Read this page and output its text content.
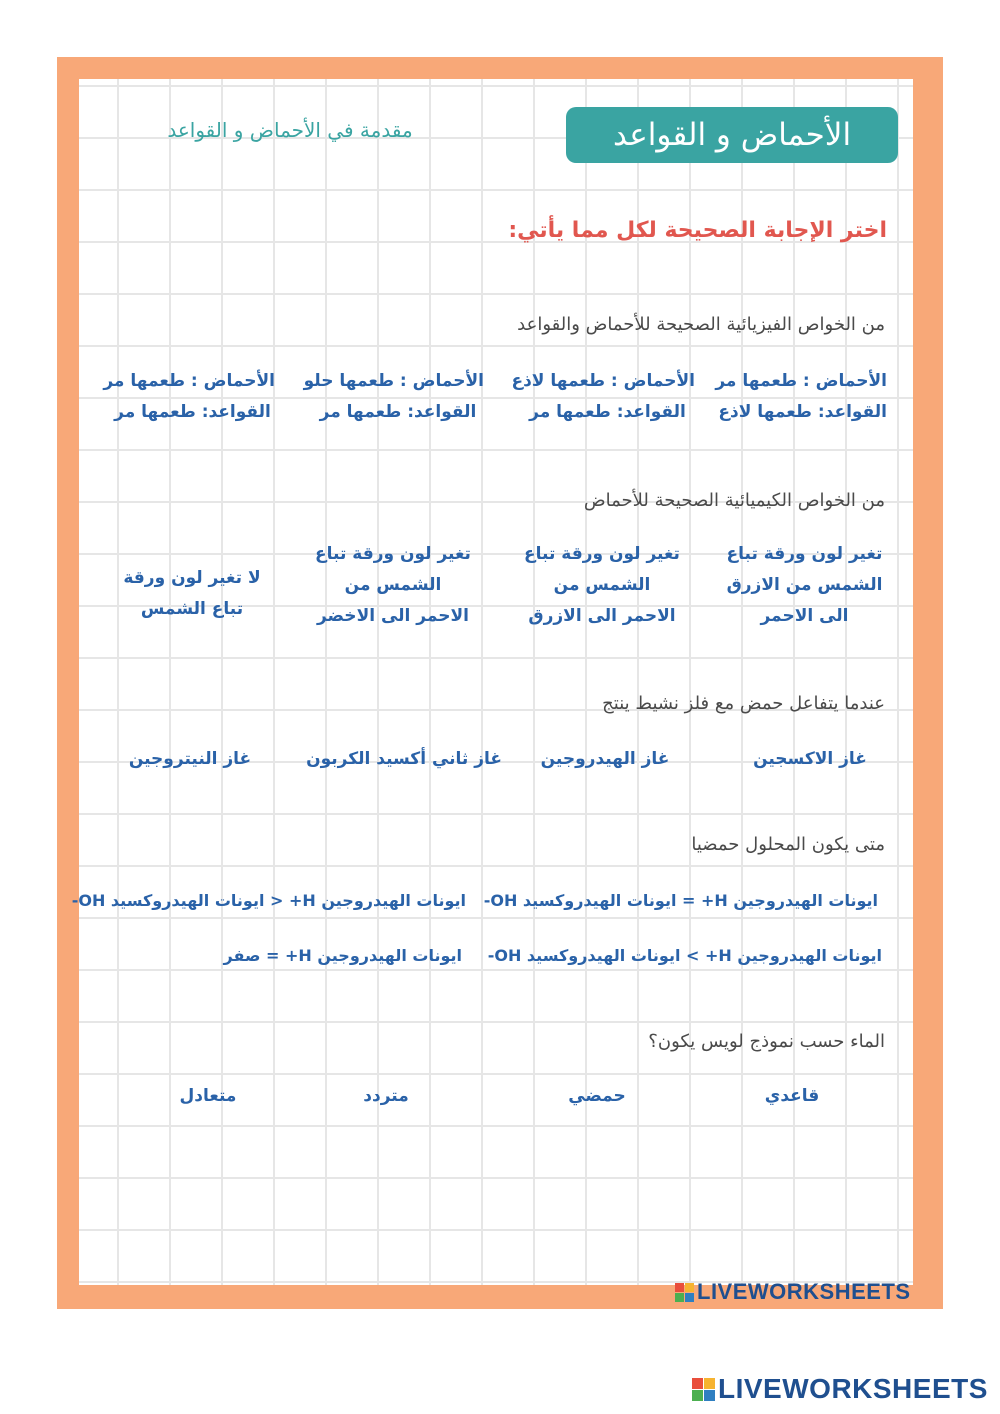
الأحماض و القواعد
مقدمة في الأحماض و القواعد
اختر الإجابة الصحيحة لكل مما يأتي:
من الخواص الفيزيائية الصحيحة للأحماض والقواعد
الأحماض : طعمها مر
القواعد: طعمها لاذع
الأحماض : طعمها لاذع
القواعد: طعمها مر
الأحماض : طعمها حلو
القواعد: طعمها مر
الأحماض : طعمها مر
القواعد: طعمها مر
من الخواص الكيميائية الصحيحة للأحماض
تغير لون ورقة تباع
الشمس من الازرق
الى الاحمر
تغير لون ورقة تباع
الشمس من
الاحمر الى الازرق
تغير لون ورقة تباع
الشمس من
الاحمر الى الاخضر
لا تغير لون ورقة
تباع الشمس
عندما يتفاعل حمض مع فلز نشيط ينتج
غاز الاكسجين
غاز الهيدروجين
غاز ثاني أكسيد الكربون
غاز النيتروجين
متى يكون المحلول حمضيا
ايونات الهيدروجين H+ = ايونات الهيدروكسيد OH-
ايونات الهيدروجين H+ < ايونات الهيدروكسيد OH-
ايونات الهيدروجين H+ > ايونات الهيدروكسيد OH-
ايونات الهيدروجين H+ = صفر
الماء حسب نموذج لويس يكون؟
قاعدي
حمضي
متردد
متعادل
LIVEWORKSHEETS
LIVEWORKSHEETS
